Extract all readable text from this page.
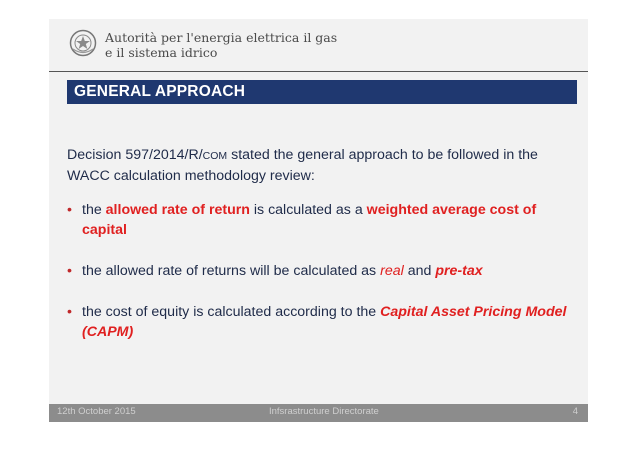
Autorità per l'energia elettrica il gas
e il sistema idrico
GENERAL APPROACH

Decision 597/2014/R/COM stated the general approach to be followed in the WACC calculation methodology review:

• the allowed rate of return is calculated as a weighted average cost of capital
• the allowed rate of returns will be calculated as real and pre-tax
• the cost of equity is calculated according to the Capital Asset Pricing Model (CAPM)
12th October 2015	Infsrastructure Directorate	4
